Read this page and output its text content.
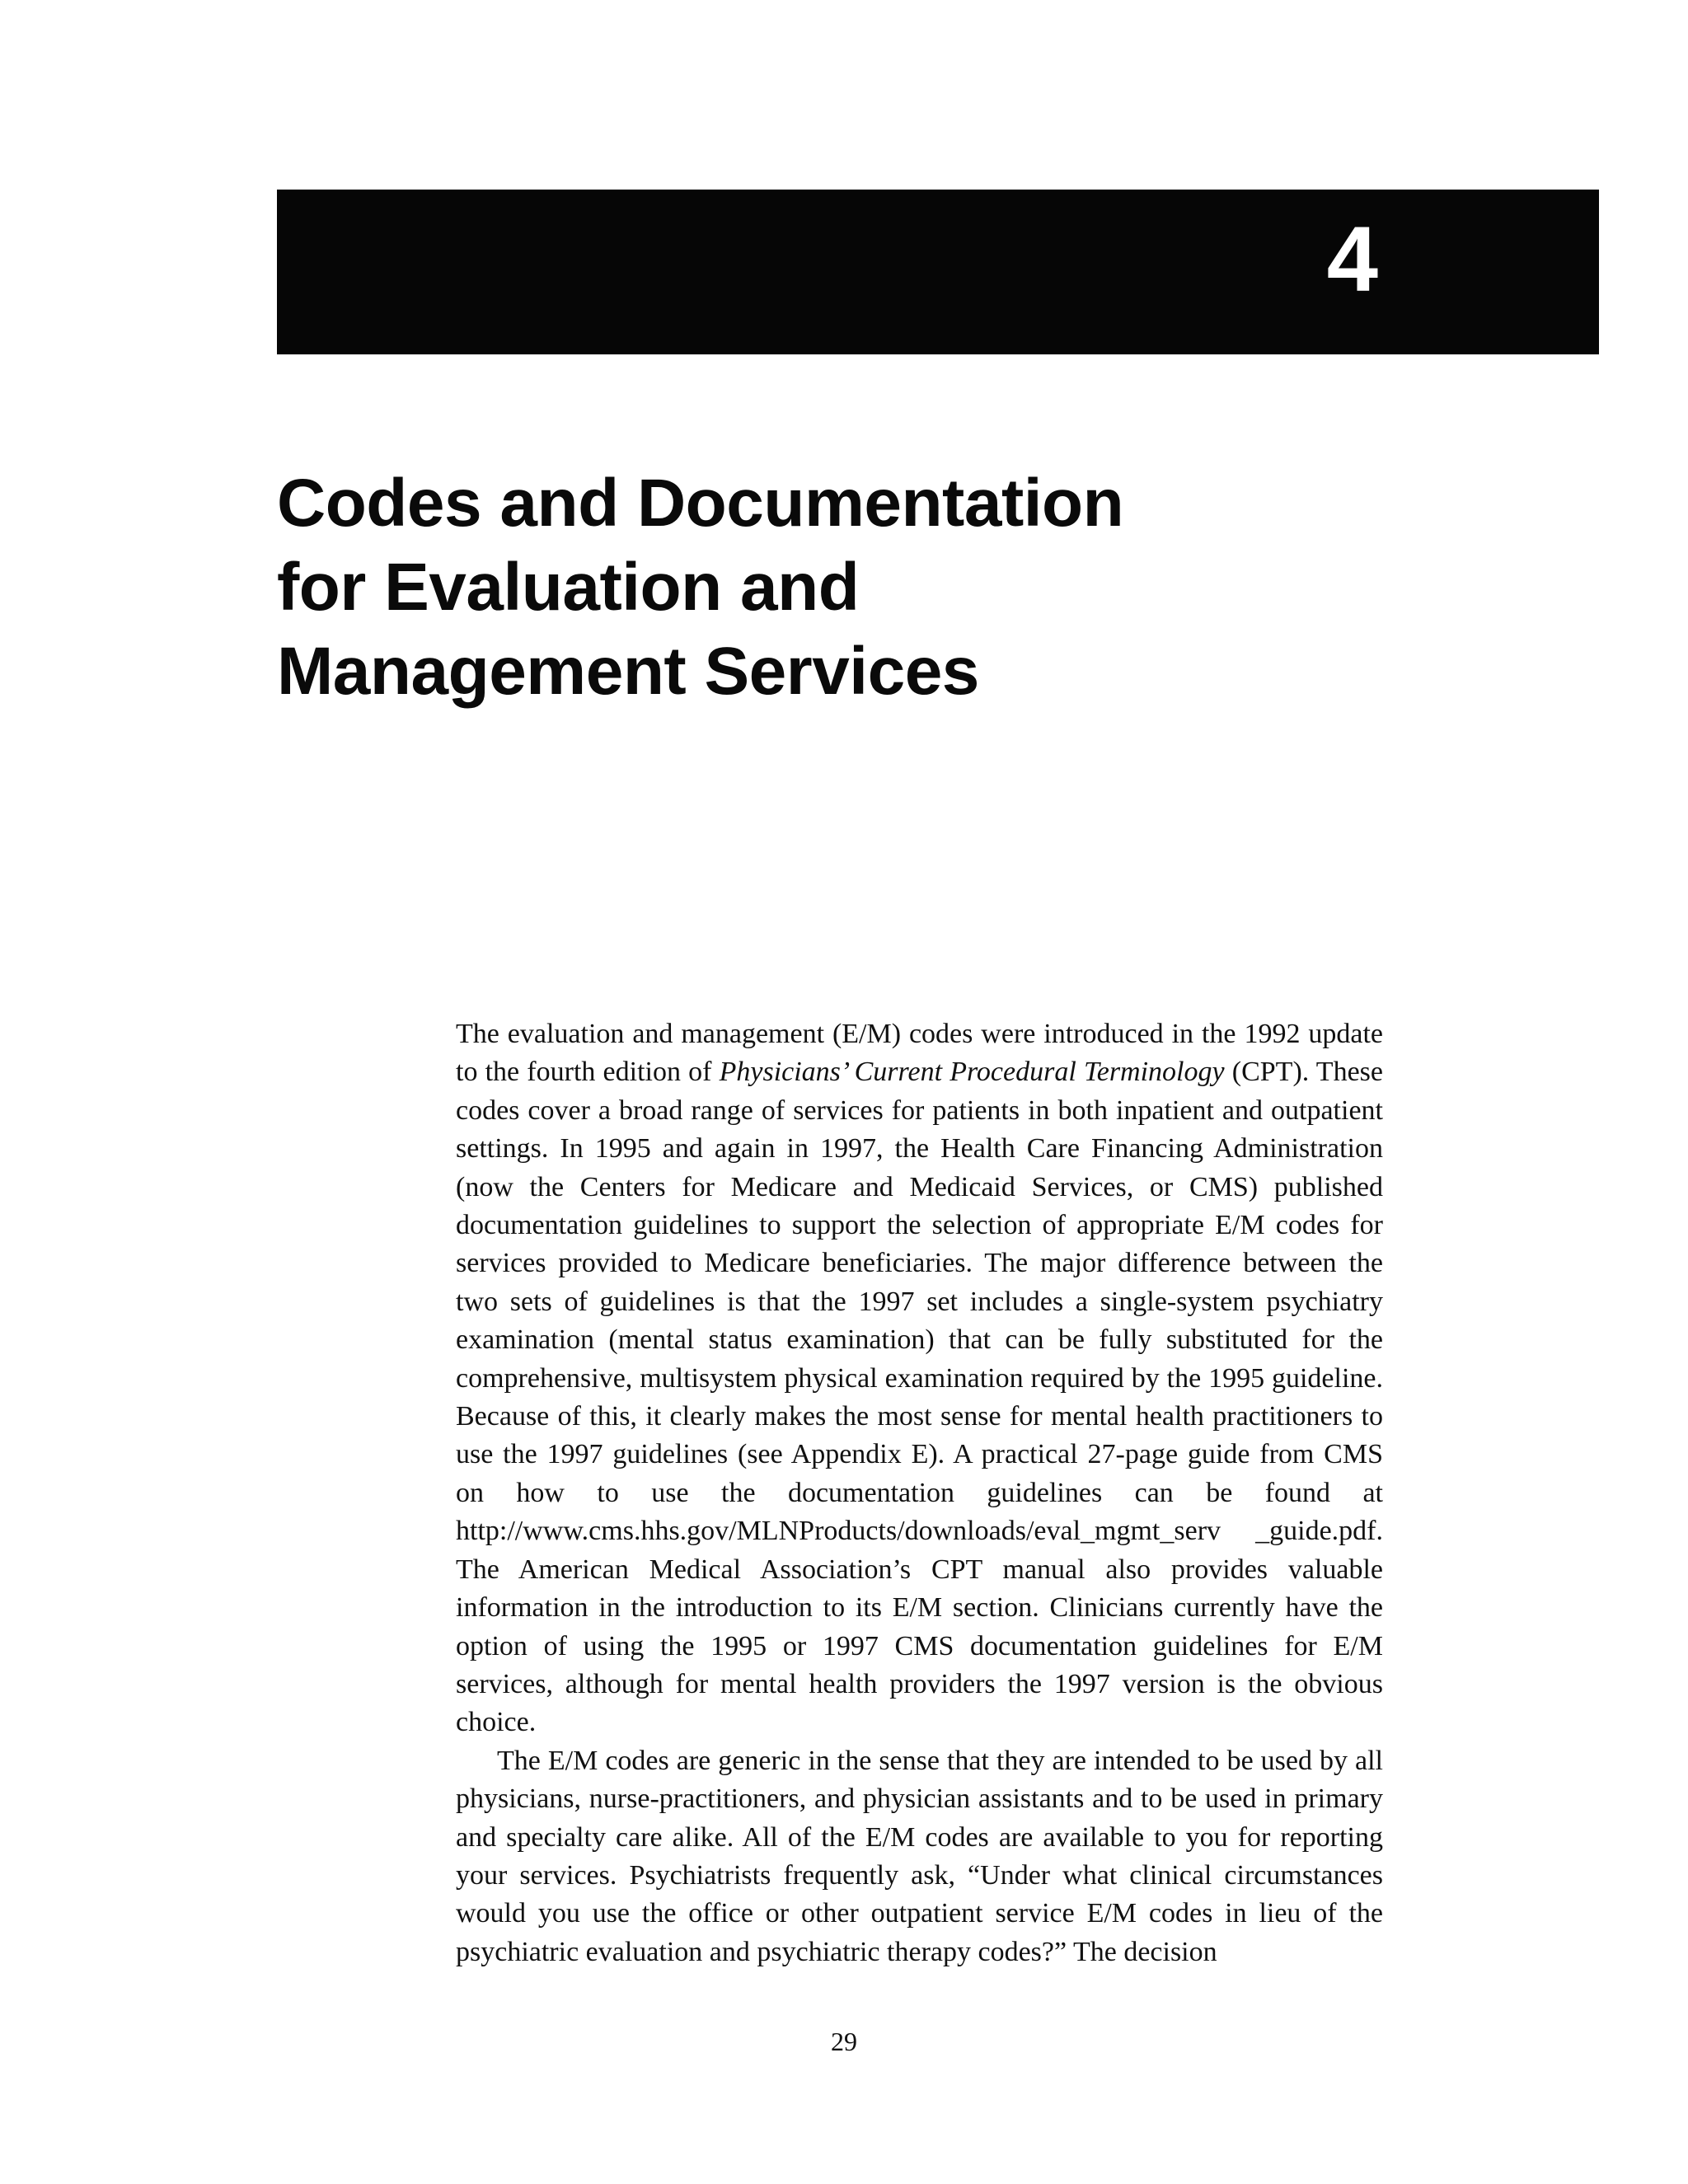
4
Codes and Documentation
for Evaluation and
Management Services

The evaluation and management (E/M) codes were introduced in the 1992 update to the fourth edition of Physicians’ Current Procedural Terminology (CPT). These codes cover a broad range of services for patients in both inpatient and outpatient settings. In 1995 and again in 1997, the Health Care Financing Administration (now the Centers for Medicare and Medicaid Services, or CMS) published documentation guidelines to support the selection of appropriate E/M codes for services provided to Medicare beneficiaries. The major difference between the two sets of guidelines is that the 1997 set includes a single-system psychiatry examination (mental status examination) that can be fully substituted for the comprehensive, multisystem physical examination required by the 1995 guideline. Because of this, it clearly makes the most sense for mental health practitioners to use the 1997 guidelines (see Appendix E). A practical 27-page guide from CMS on how to use the documentation guidelines can be found at http://www.cms.hhs.gov/MLNProducts/downloads/eval_mgmt_serv _guide.pdf. The American Medical Association’s CPT manual also provides valuable information in the introduction to its E/M section. Clinicians currently have the option of using the 1995 or 1997 CMS documentation guidelines for E/M services, although for mental health providers the 1997 version is the obvious choice.

The E/M codes are generic in the sense that they are intended to be used by all physicians, nurse-practitioners, and physician assistants and to be used in primary and specialty care alike. All of the E/M codes are available to you for reporting your services. Psychiatrists frequently ask, “Under what clinical circumstances would you use the office or other outpatient service E/M codes in lieu of the psychiatric evaluation and psychiatric therapy codes?” The decision

29
